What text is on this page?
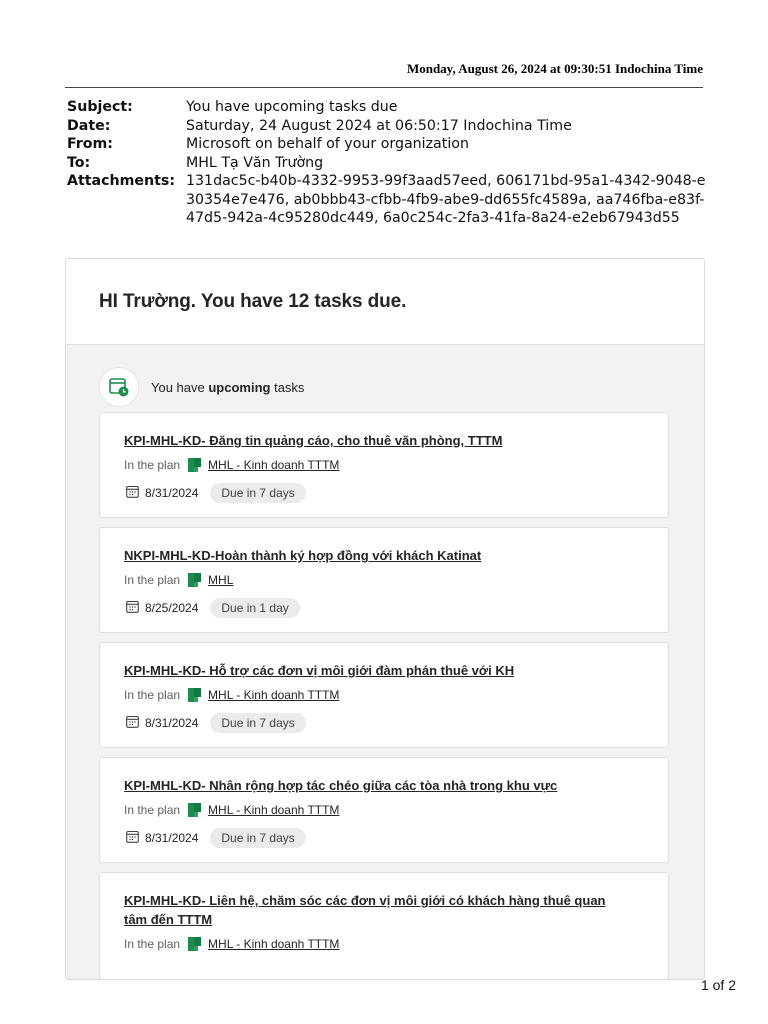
Monday, August 26, 2024 at 09:30:51 Indochina Time
Subject:	You have upcoming tasks due
Date:	Saturday, 24 August 2024 at 06:50:17 Indochina Time
From:	Microsoft on behalf of your organization
To:	MHL Tạ Văn Trường
Attachments: 131dac5c-b40b-4332-9953-99f3aad57eed, 606171bd-95a1-4342-9048-e30354e7e476, ab0bbb43-cfbb-4fb9-abe9-dd655fc4589a, aa746fba-e83f-47d5-942a-4c95280dc449, 6a0c254c-2fa3-41fa-8a24-e2eb67943d55
HI Trường. You have 12 tasks due.
You have upcoming tasks
KPI-MHL-KD- Đăng tin quảng cáo, cho thuê văn phòng, TTTM
In the plan MHL - Kinh doanh TTTM
8/31/2024	Due in 7 days
NKPI-MHL-KD-Hoàn thành ký hợp đồng với khách Katinat
In the plan MHL
8/25/2024	Due in 1 day
KPI-MHL-KD- Hỗ trợ các đơn vị môi giới đàm phán thuê với KH
In the plan MHL - Kinh doanh TTTM
8/31/2024	Due in 7 days
KPI-MHL-KD- Nhân rộng hợp tác chéo giữa các tòa nhà trong khu vực
In the plan MHL - Kinh doanh TTTM
8/31/2024	Due in 7 days
KPI-MHL-KD- Liên hệ, chăm sóc các đơn vị môi giới có khách hàng thuê quan tâm đến TTTM
In the plan MHL - Kinh doanh TTTM
1 of 2
